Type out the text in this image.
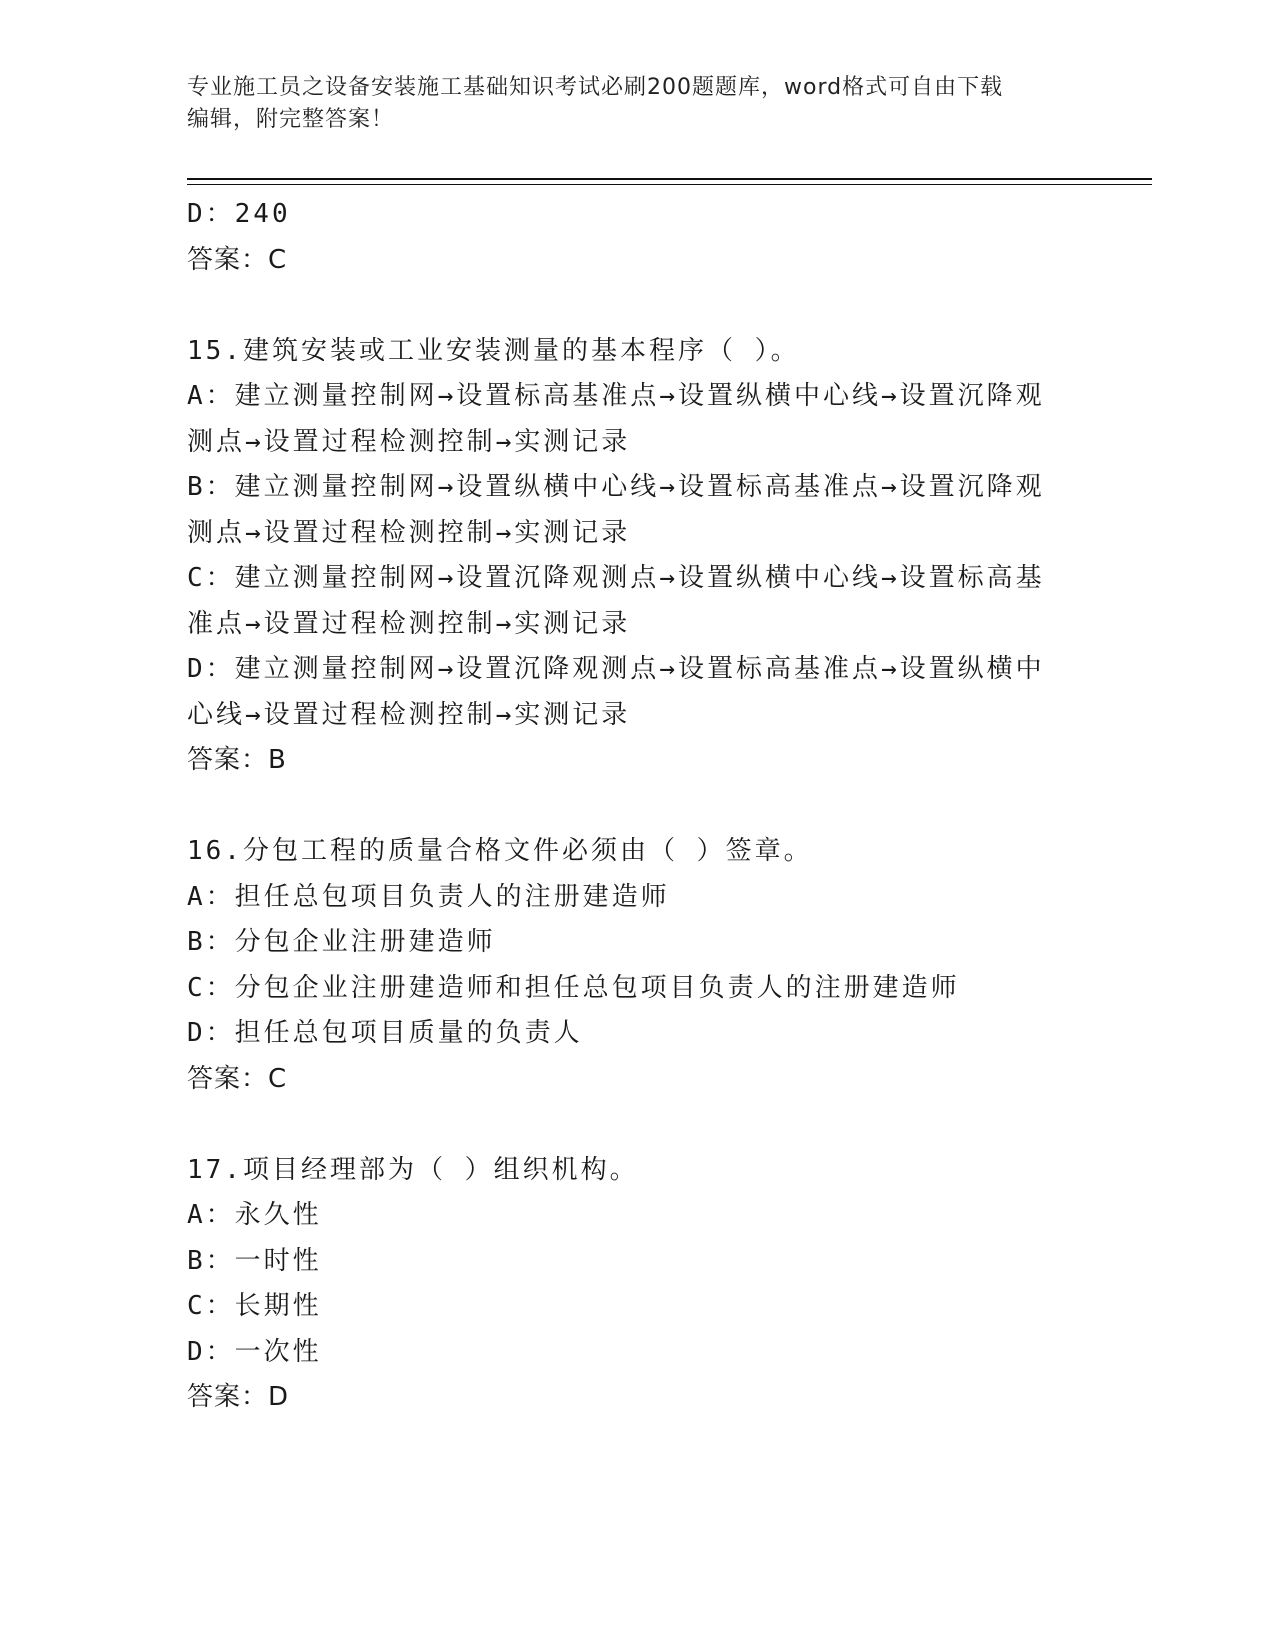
专业施工员之设备安装施工基础知识考试必刷200题题库，word格式可自由下载
编辑，附完整答案！
D：240
答案：C
15.建筑安装或工业安装测量的基本程序（ ）。
A：建立测量控制网→设置标高基准点→设置纵横中心线→设置沉降观
测点→设置过程检测控制→实测记录
B：建立测量控制网→设置纵横中心线→设置标高基准点→设置沉降观
测点→设置过程检测控制→实测记录
C：建立测量控制网→设置沉降观测点→设置纵横中心线→设置标高基
准点→设置过程检测控制→实测记录
D：建立测量控制网→设置沉降观测点→设置标高基准点→设置纵横中
心线→设置过程检测控制→实测记录
答案：B
16.分包工程的质量合格文件必须由（ ）签章。
A：担任总包项目负责人的注册建造师
B：分包企业注册建造师
C：分包企业注册建造师和担任总包项目负责人的注册建造师
D：担任总包项目质量的负责人
答案：C
17.项目经理部为（ ）组织机构。
A：永久性
B：一时性
C：长期性
D：一次性
答案：D
